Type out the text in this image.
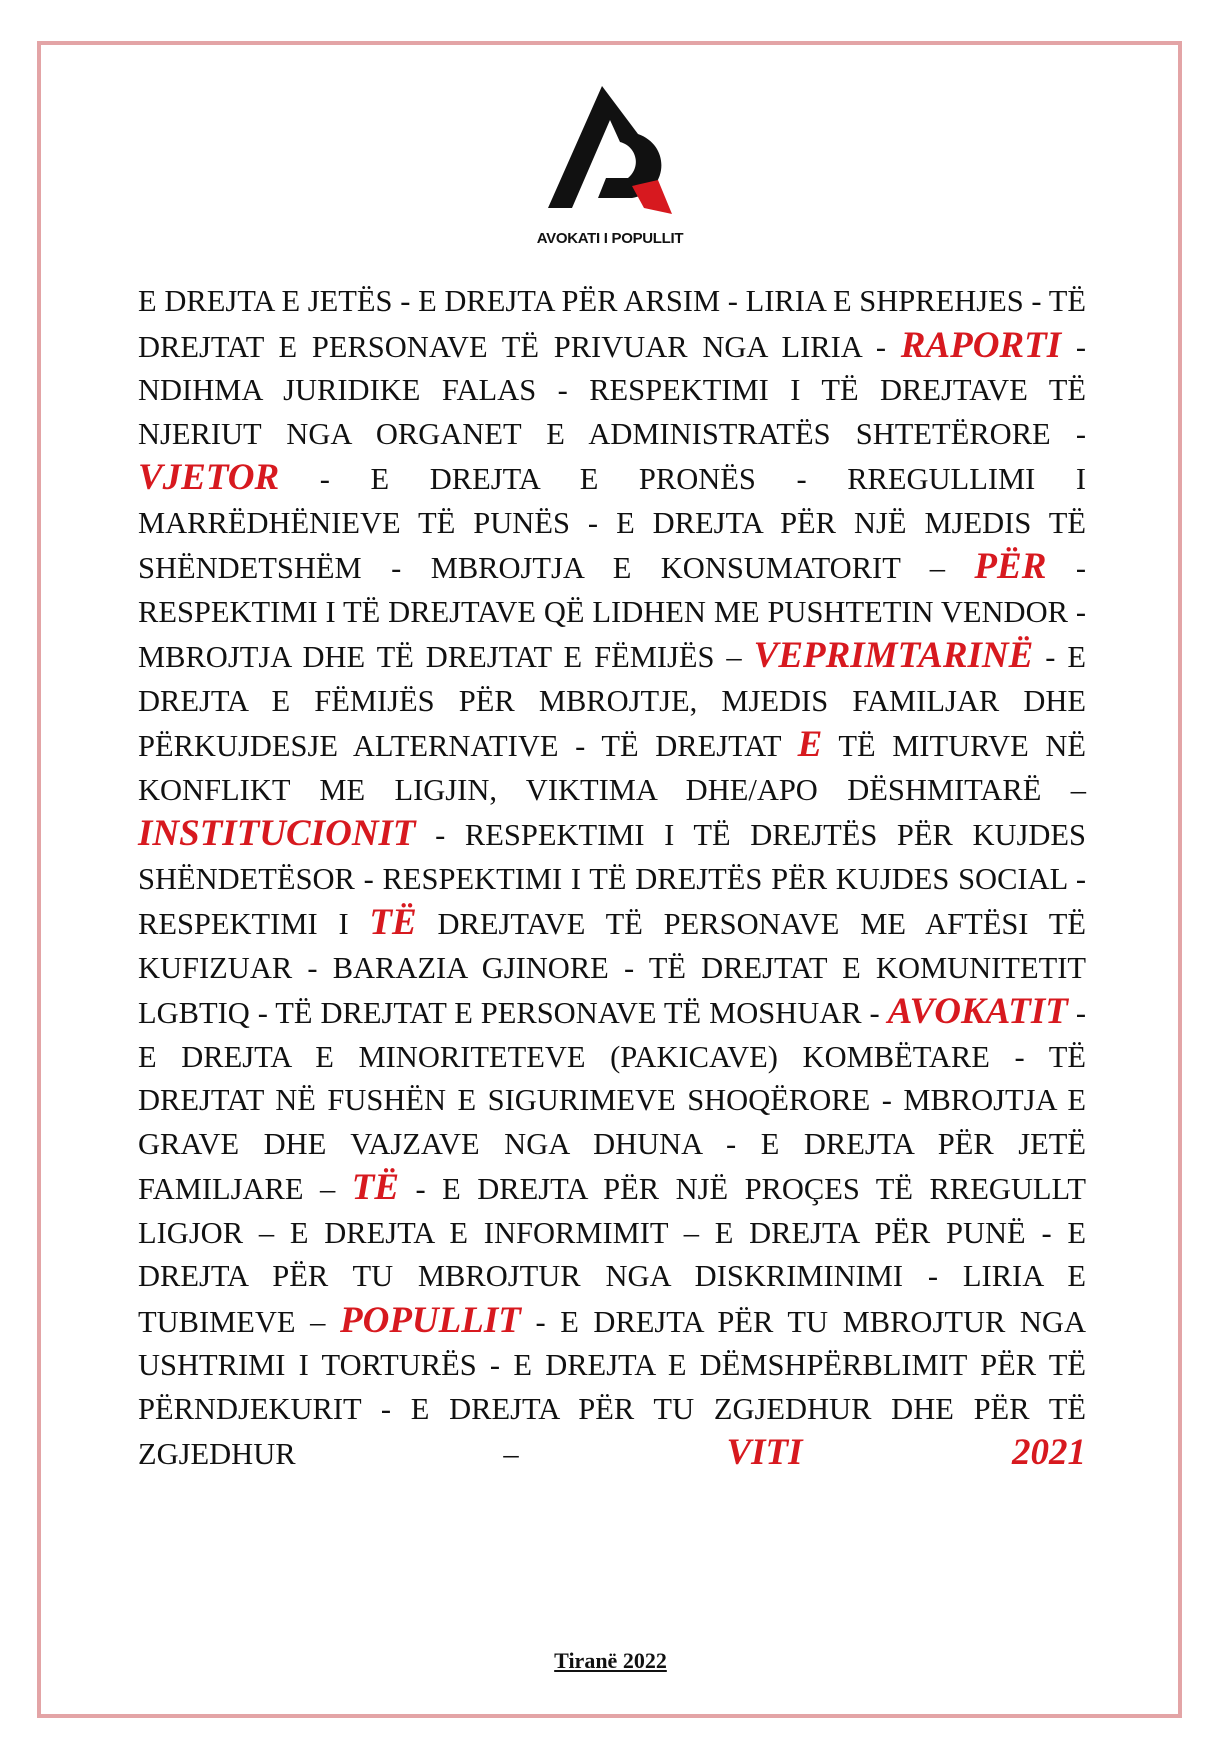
AVOKATI I POPULLIT

E DREJTA E JETËS - E DREJTA PËR ARSIM - LIRIA E SHPREHJES - TË DREJTAT E PERSONAVE TË PRIVUAR NGA LIRIA - RAPORTI - NDIHMA JURIDIKE FALAS - RESPEKTIMI I TË DREJTAVE TË NJERIUT NGA ORGANET E ADMINISTRATËS SHTETËRORE - VJETOR - E DREJTA E PRONËS - RREGULLIMI I MARRËDHËNIEVE TË PUNËS - E DREJTA PËR NJË MJEDIS TË SHËNDETSHËM - MBROJTJA E KONSUMATORIT – PËR - RESPEKTIMI I TË DREJTAVE QË LIDHEN ME PUSHTETIN VENDOR - MBROJTJA DHE TË DREJTAT E FËMIJËS – VEPRIMTARINË - E DREJTA E FËMIJËS PËR MBROJTJE, MJEDIS FAMILJAR DHE PËRKUJDESJE ALTERNATIVE - TË DREJTAT E TË MITURVE NË KONFLIKT ME LIGJIN, VIKTIMA DHE/APO DËSHMITARË – INSTITUCIONIT - RESPEKTIMI I TË DREJTËS PËR KUJDES SHËNDETËSOR - RESPEKTIMI I TË DREJTËS PËR KUJDES SOCIAL - RESPEKTIMI I TË DREJTAVE TË PERSONAVE ME AFTËSI TË KUFIZUAR - BARAZIA GJINORE - TË DREJTAT E KOMUNITETIT LGBTIQ - TË DREJTAT E PERSONAVE TË MOSHUAR - AVOKATIT - E DREJTA E MINORITETEVE (PAKICAVE) KOMBËTARE - TË DREJTAT NË FUSHËN E SIGURIMEVE SHOQËRORE - MBROJTJA E GRAVE DHE VAJZAVE NGA DHUNA - E DREJTA PËR JETË FAMILJARE – TË - E DREJTA PËR NJË PROÇES TË RREGULLT LIGJOR – E DREJTA E INFORMIMIT – E DREJTA PËR PUNË - E DREJTA PËR TU MBROJTUR NGA DISKRIMINIMI - LIRIA E TUBIMEVE – POPULLIT - E DREJTA PËR TU MBROJTUR NGA USHTRIMI I TORTURËS - E DREJTA E DËMSHPËRBLIMIT PËR TË PËRNDJEKURIT - E DREJTA PËR TU ZGJEDHUR DHE PËR TË ZGJEDHUR – VITI 2021

Tiranë 2022
